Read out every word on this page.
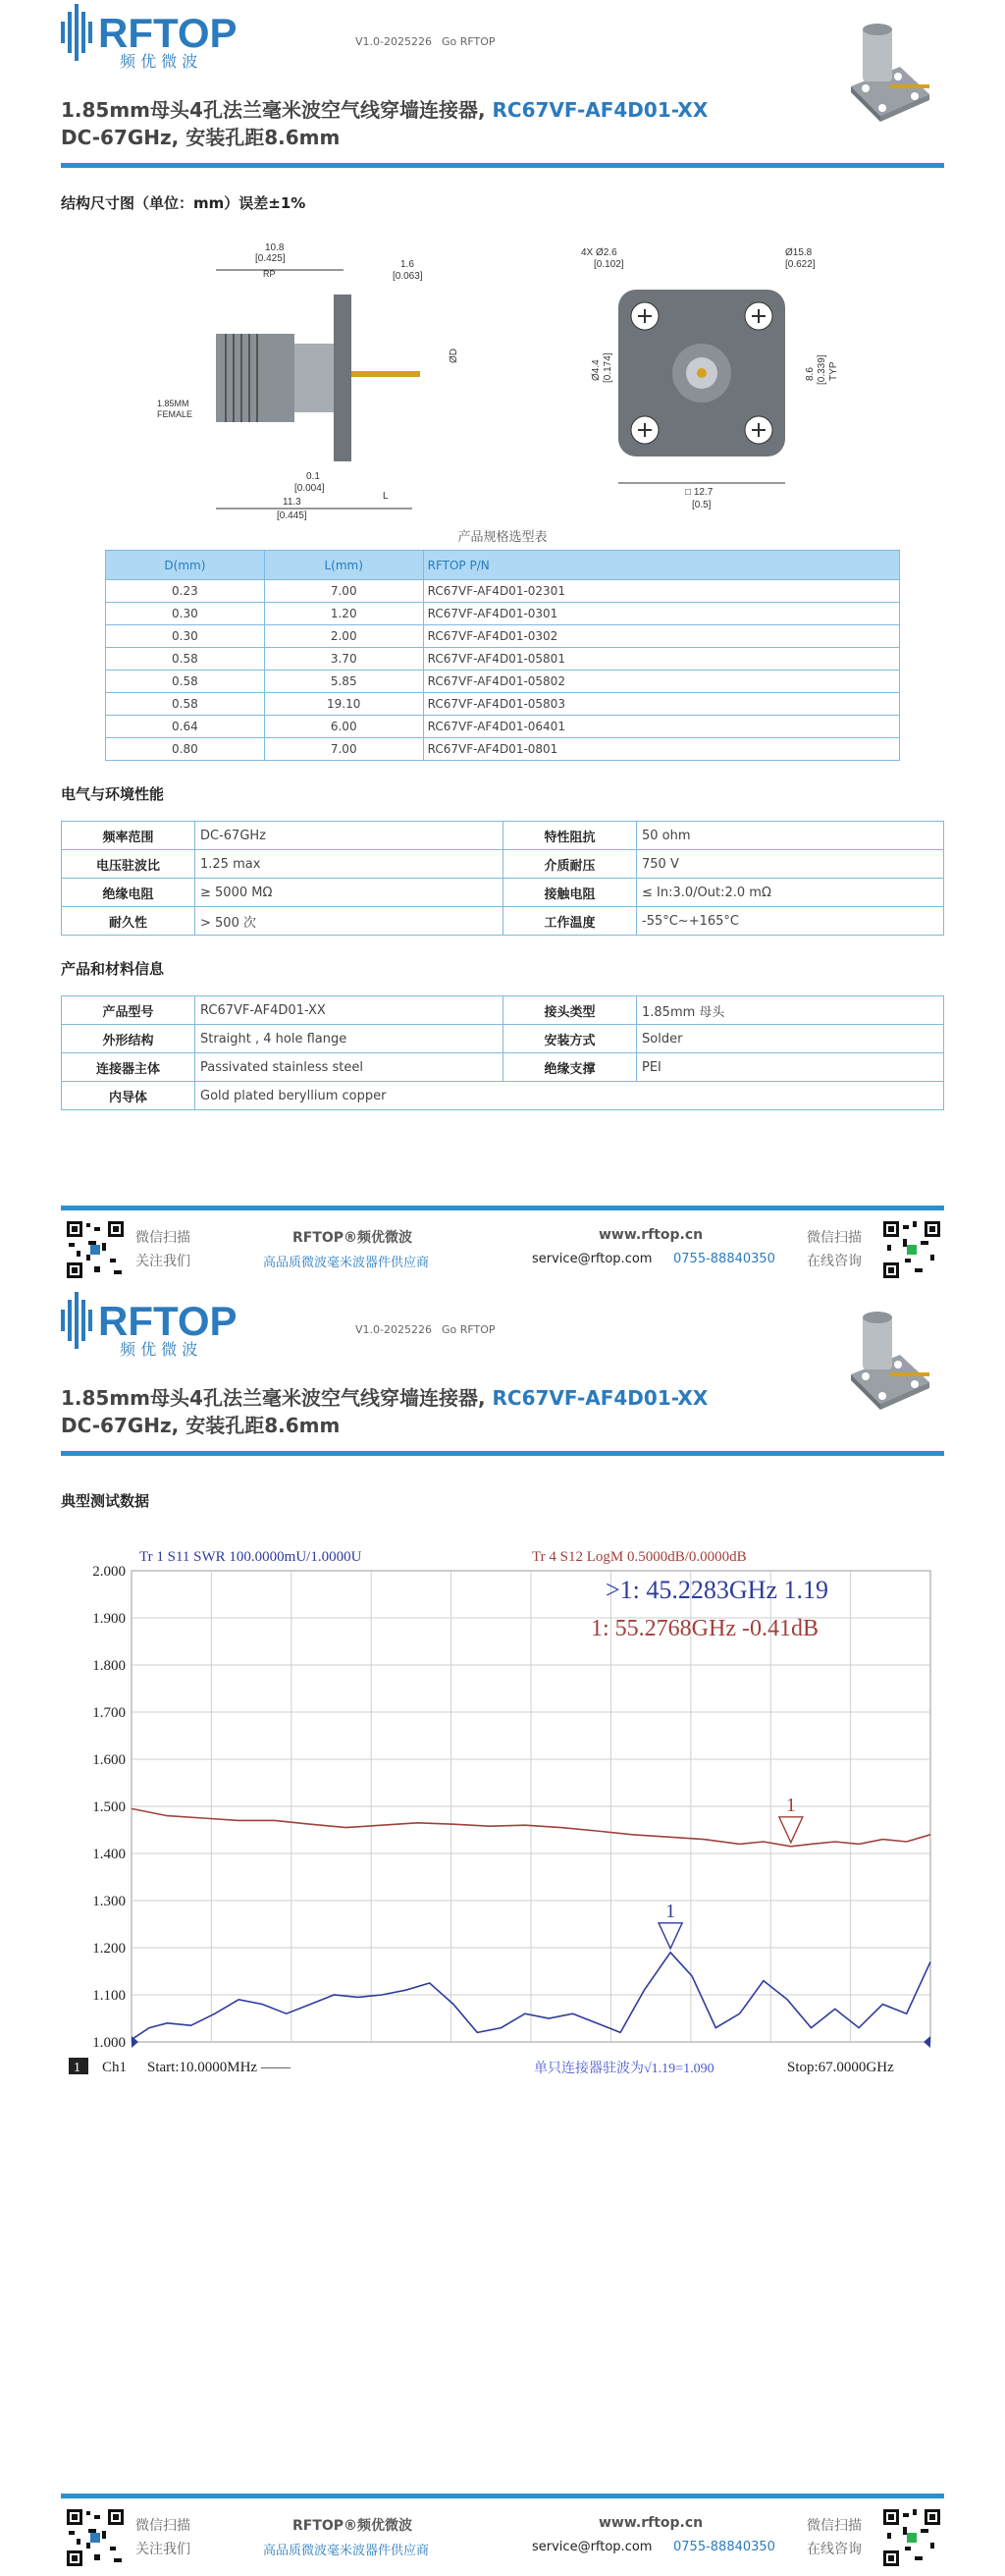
RFTOP
频 优 微 波
V1.0-2025226 Go RFTOP
1.85mm母头4孔法兰毫米波空气线穿墙连接器, RC67VF-AF4D01-XX
DC-67GHz, 安装孔距8.6mm
结构尺寸图（单位：mm）误差±1%
10.8
[0.425]
RP
1.6
[0.063]
1.85MM
FEMALE
0.1
[0.004]
L
11.3
[0.445]
ØD
4X Ø2.6
[0.102]
Ø15.8
[0.622]
Ø4.4 [0.174]	8.6 [0.339] TYP
□ 12.7
[0.5]
产品规格选型表
D(mm)	L(mm)	RFTOP P/N
0.23	7.00	RC67VF-AF4D01-02301
0.30	1.20	RC67VF-AF4D01-0301
0.30	2.00	RC67VF-AF4D01-0302
0.58	3.70	RC67VF-AF4D01-05801
0.58	5.85	RC67VF-AF4D01-05802
0.58	19.10	RC67VF-AF4D01-05803
0.64	6.00	RC67VF-AF4D01-06401
0.80	7.00	RC67VF-AF4D01-0801
电气与环境性能
频率范围	DC-67GHz	特性阻抗	50 ohm
电压驻波比	1.25 max	介质耐压	750 V
绝缘电阻	≥ 5000 MΩ	接触电阻	≤ In:3.0/Out:2.0 mΩ
耐久性	> 500 次	工作温度	-55°C~+165°C
产品和材料信息
产品型号	RC67VF-AF4D01-XX	接头类型	1.85mm 母头
外形结构	Straight , 4 hole flange	安装方式	Solder
连接器主体	Passivated stainless steel	绝缘支撑	PEI
内导体	Gold plated beryllium copper		
微信扫描
关注我们
RFTOP®频优微波
高品质微波毫米波器件供应商
www.rftop.cn
service@rftop.com 0755-88840350
微信扫描
在线咨询
RFTOP
频 优 微 波
V1.0-2025226 Go RFTOP
1.85mm母头4孔法兰毫米波空气线穿墙连接器, RC67VF-AF4D01-XX
DC-67GHz, 安装孔距8.6mm
典型测试数据
2.000
1.900
1.800
1.700
1.600
1.500
1.400
1.300
1.200
1.100
1.000
1
1
Tr 1 S11 SWR 100.0000mU/1.0000U	Tr 4 S12 LogM 0.5000dB/0.0000dB
>1: 45.2283GHz 1.19
1: 55.2768GHz -0.41dB
1 Ch1 Start:10.0000MHz ——	Stop:67.0000GHz
单只连接器驻波为√1.19=1.090
微信扫描
关注我们
RFTOP®频优微波
高品质微波毫米波器件供应商
www.rftop.cn
service@rftop.com 0755-88840350
微信扫描
在线咨询
